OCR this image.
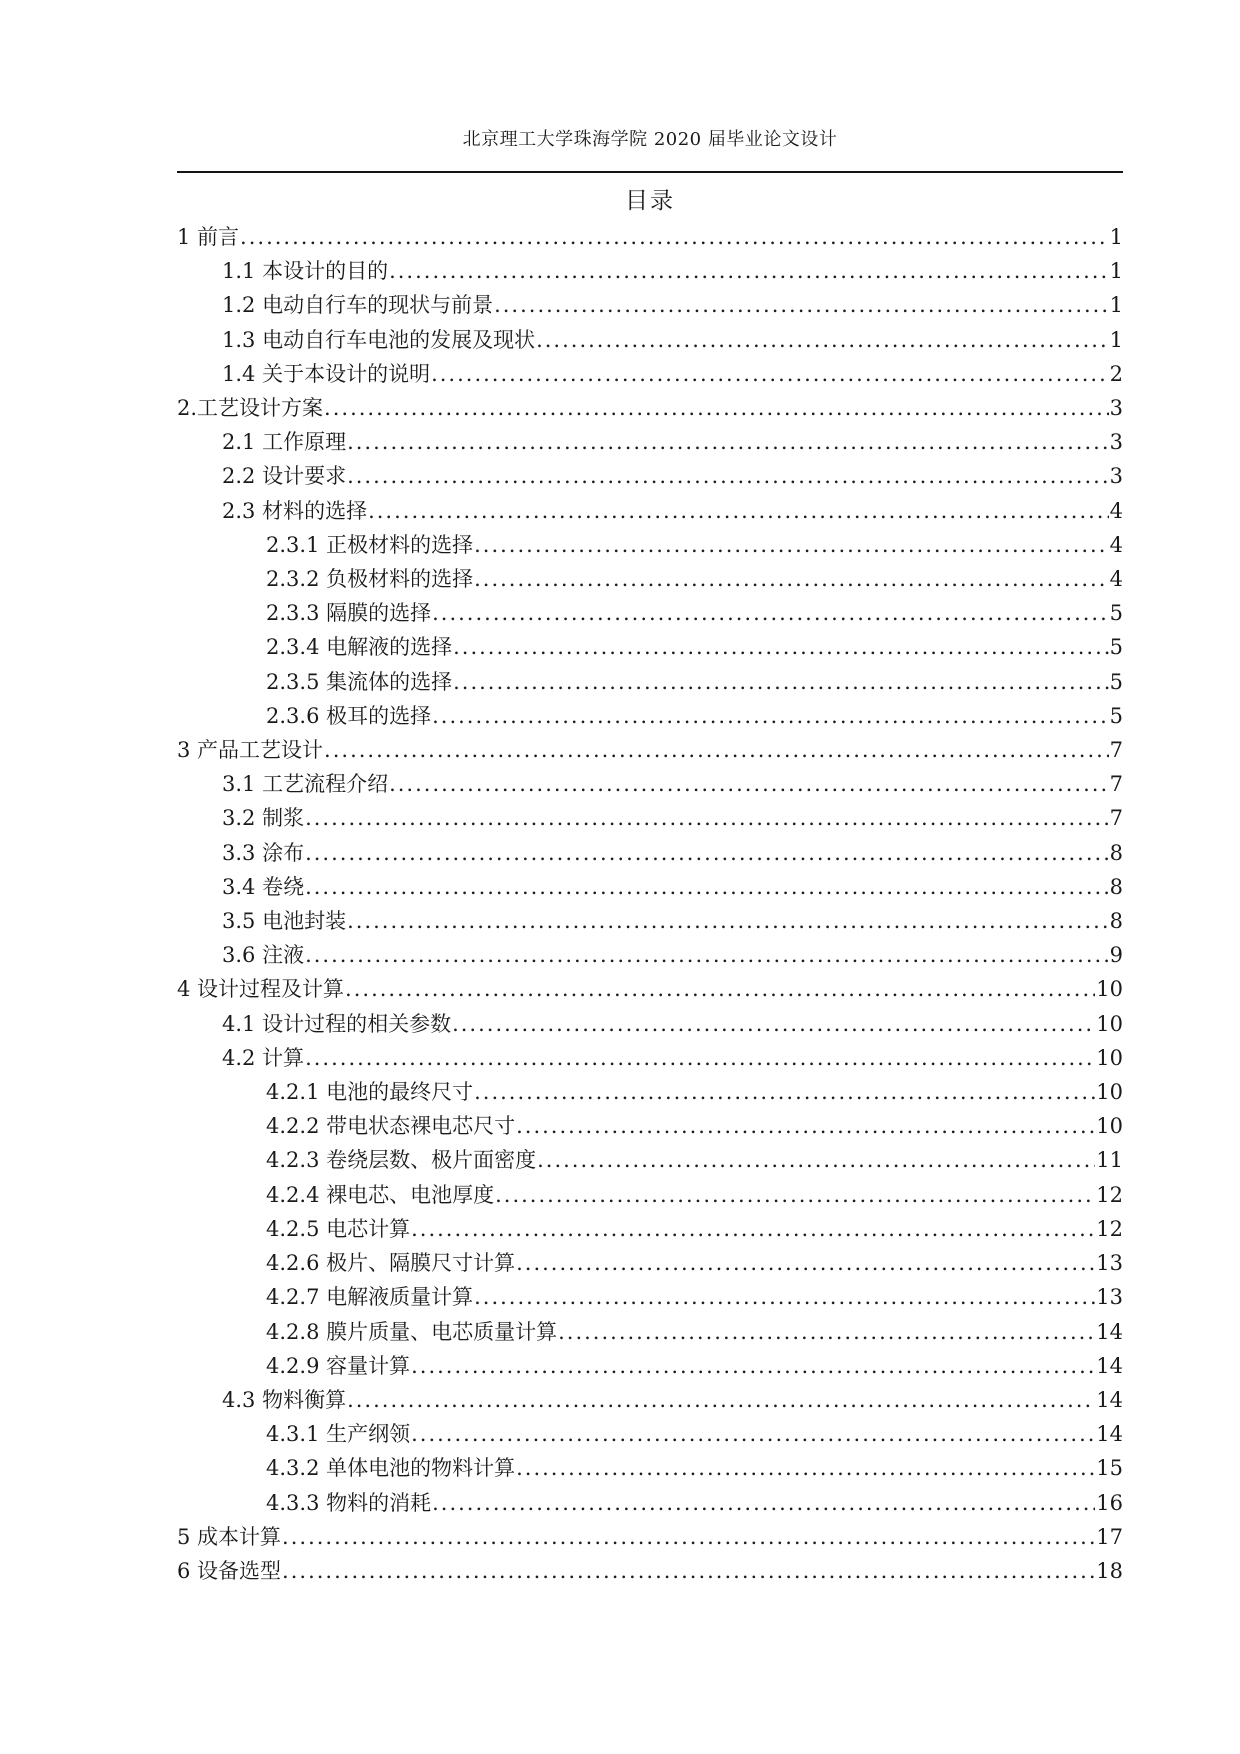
北京理工大学珠海学院 2020 届毕业论文设计
目录
1 前言 .....	1
1.1 本设计的目的 .....	1
1.2 电动自行车的现状与前景 .....	1
1.3 电动自行车电池的发展及现状 .....	1
1.4 关于本设计的说明 .....	2
2.工艺设计方案 .....	3
2.1 工作原理 .....	3
2.2 设计要求 .....	3
2.3 材料的选择 .....	4
2.3.1 正极材料的选择 .....	4
2.3.2 负极材料的选择 .....	4
2.3.3 隔膜的选择 .....	5
2.3.4 电解液的选择 .....	5
2.3.5 集流体的选择 .....	5
2.3.6 极耳的选择 .....	5
3 产品工艺设计 .....	7
3.1 工艺流程介绍 .....	7
3.2 制浆 .....	7
3.3 涂布 .....	8
3.4 卷绕 .....	8
3.5 电池封装 .....	8
3.6 注液 .....	9
4 设计过程及计算 .....	10
4.1 设计过程的相关参数 .....	10
4.2 计算 .....	10
4.2.1 电池的最终尺寸 .....	10
4.2.2 带电状态裸电芯尺寸 .....	10
4.2.3 卷绕层数、极片面密度 .....	11
4.2.4 裸电芯、电池厚度 .....	12
4.2.5 电芯计算 .....	12
4.2.6 极片、隔膜尺寸计算 .....	13
4.2.7 电解液质量计算 .....	13
4.2.8 膜片质量、电芯质量计算 .....	14
4.2.9 容量计算 .....	14
4.3 物料衡算 .....	14
4.3.1 生产纲领 .....	14
4.3.2 单体电池的物料计算 .....	15
4.3.3 物料的消耗 .....	16
5 成本计算 .....	17
6 设备选型 .....	18
